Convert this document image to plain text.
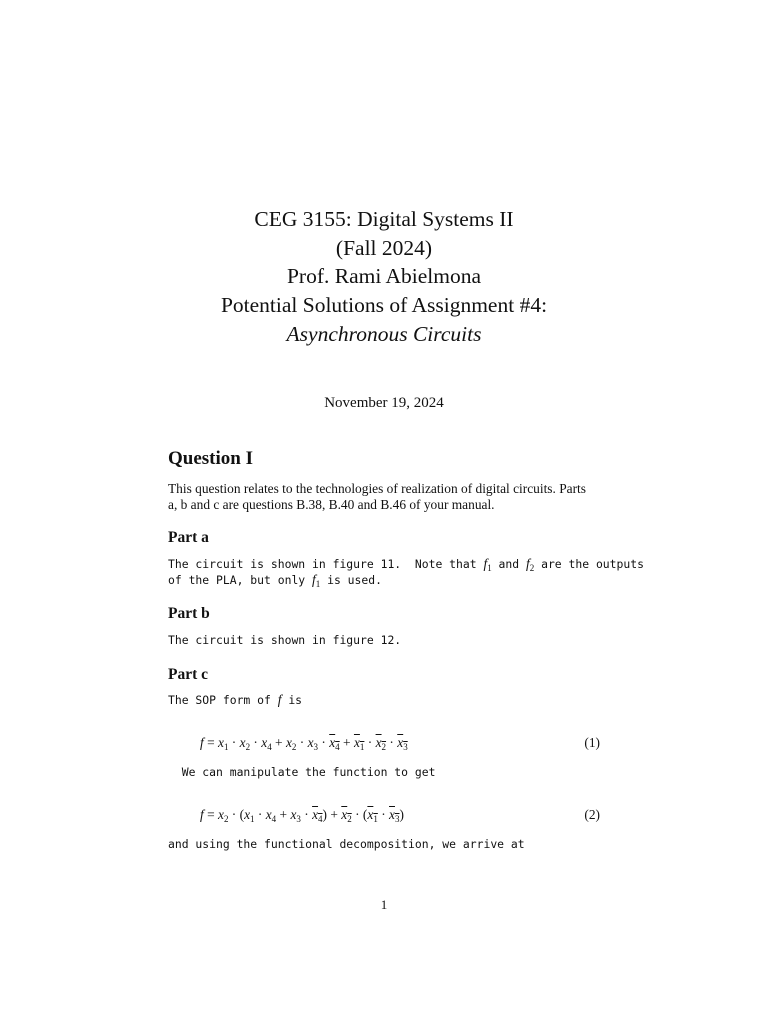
CEG 3155: Digital Systems II
(Fall 2024)
Prof. Rami Abielmona
Potential Solutions of Assignment #4:
Asynchronous Circuits
November 19, 2024
Question I
This question relates to the technologies of realization of digital circuits. Parts
a, b and c are questions B.38, B.40 and B.46 of your manual.
Part a
The circuit is shown in figure 11.  Note that $f_1$ and $f_2$ are the outputs
of the PLA, but only $f_1$ is used.
Part b
The circuit is shown in figure 12.
Part c
The SOP form of f is
$f = x_1 \cdot x_2 \cdot x_4 + x_2 \cdot x_3 \cdot x_4 + x_1 \cdot x_2 \cdot x_3$	(1)
We can manipulate the function to get
$f = x_2 \cdot (x_1 \cdot x_4 + x_3 \cdot x_4) + x_2 \cdot (x_1 \cdot x_3)$	(2)
and using the functional decomposition, we arrive at
1
